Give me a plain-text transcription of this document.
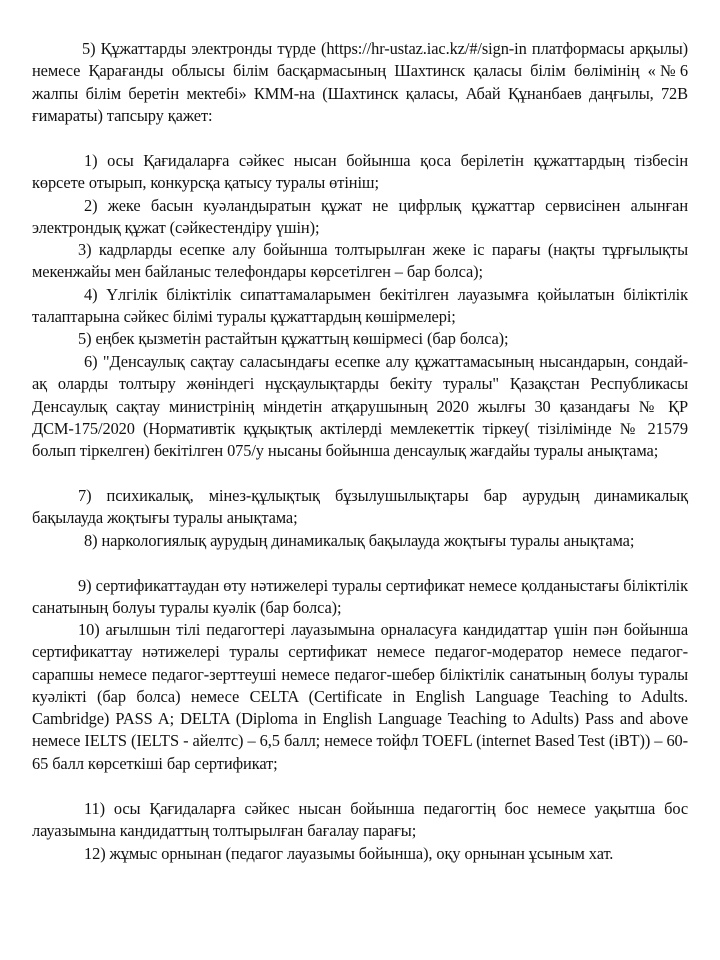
5) Құжаттарды электронды түрде (https://hr-ustaz.iac.kz/#/sign-in платформасы арқылы) немесе Қарағанды облысы білім басқармасының Шахтинск қаласы білім бөлімінің «№6 жалпы білім беретін мектебі» КММ-на (Шахтинск қаласы, Абай Құнанбаев даңғылы, 72В ғимараты) тапсыру қажет:

1) осы Қағидаларға сәйкес нысан бойынша қоса берілетін құжаттардың тізбесін көрсете отырып, конкурсқа қатысу туралы өтініш;

2) жеке басын куәландыратын құжат не цифрлық құжаттар сервисінен алынған электрондық құжат (сәйкестендіру үшін);

3) кадрларды есепке алу бойынша толтырылған жеке іс парағы (нақты тұрғылықты мекенжайы мен байланыс телефондары көрсетілген – бар болса);

4) Үлгілік біліктілік сипаттамаларымен бекітілген лауазымға қойылатын біліктілік талаптарына сәйкес білімі туралы құжаттардың көшірмелері;

5) еңбек қызметін растайтын құжаттың көшірмесі (бар болса);

6) "Денсаулық сақтау саласындағы есепке алу құжаттамасының нысандарын, сондай-ақ оларды толтыру жөніндегі нұсқаулықтарды бекіту туралы" Қазақстан Республикасы Денсаулық сақтау министрінің міндетін атқарушының 2020 жылғы 30 қазандағы № ҚР ДСМ-175/2020 (Нормативтік құқықтық актілерді мемлекеттік тіркеу( тізілімінде № 21579 болып тіркелген) бекітілген 075/у нысаны бойынша денсаулық жағдайы туралы анықтама;

7) психикалық, мінез-құлықтық бұзылушылықтары бар аурудың динамикалық бақылауда жоқтығы туралы анықтама;

8) наркологиялық аурудың динамикалық бақылауда жоқтығы туралы анықтама;

9) сертификаттаудан өту нәтижелері туралы сертификат немесе қолданыстағы біліктілік санатының болуы туралы куәлік (бар болса);

10) ағылшын тілі педагогтері лауазымына орналасуға кандидаттар үшін пән бойынша сертификаттау нәтижелері туралы сертификат немесе педагог-модератор немесе педагог-сарапшы немесе педагог-зерттеуші немесе педагог-шебер біліктілік санатының болуы туралы куәлікті (бар болса) немесе CELTA (Certificate in English Language Teaching to Adults. Cambridge) PASS A; DELTA (Diploma in English Language Teaching to Adults) Pass and above немесе IELTS (IELTS - айелтс) – 6,5 балл; немесе тойфл TOEFL (internet Based Test (iBT)) – 60-65 балл көрсеткішi бар сертификат;

11) осы Қағидаларға сәйкес нысан бойынша педагогтің бос немесе уақытша бос лауазымына кандидаттың толтырылған бағалау парағы;

12) жұмыс орнынан (педагог лауазымы бойынша), оқу орнынан ұсыным хат.
